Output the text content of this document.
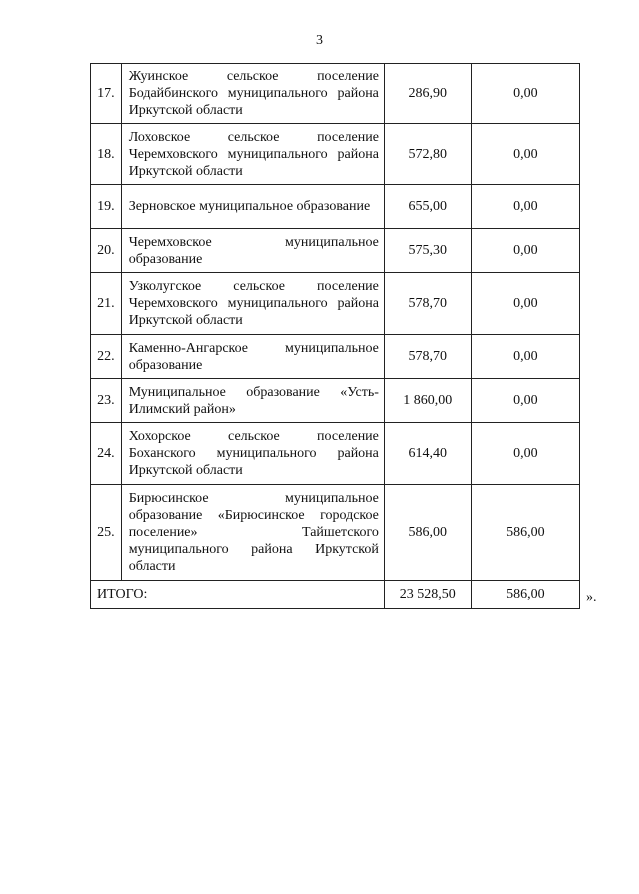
3
17.	Жуинское сельское поселение Бодайбинского муниципального района Иркутской области	286,90	0,00
18.	Лоховское сельское поселение Черемховского муниципального района Иркутской области	572,80	0,00
19.	Зерновское муниципальное образование	655,00	0,00
20.	Черемховское муниципальное образование	575,30	0,00
21.	Узколугское сельское поселение Черемховского муниципального района Иркутской области	578,70	0,00
22.	Каменно-Ангарское муниципальное образование	578,70	0,00
23.	Муниципальное образование «Усть-Илимский район»	1 860,00	0,00
24.	Хохорское сельское поселение Боханского муниципального района Иркутской области	614,40	0,00
25.	Бирюсинское муниципальное образование «Бирюсинское городское поселение» Тайшетского муниципального района Иркутской области	586,00	586,00
ИТОГО:		23 528,50	586,00	».
